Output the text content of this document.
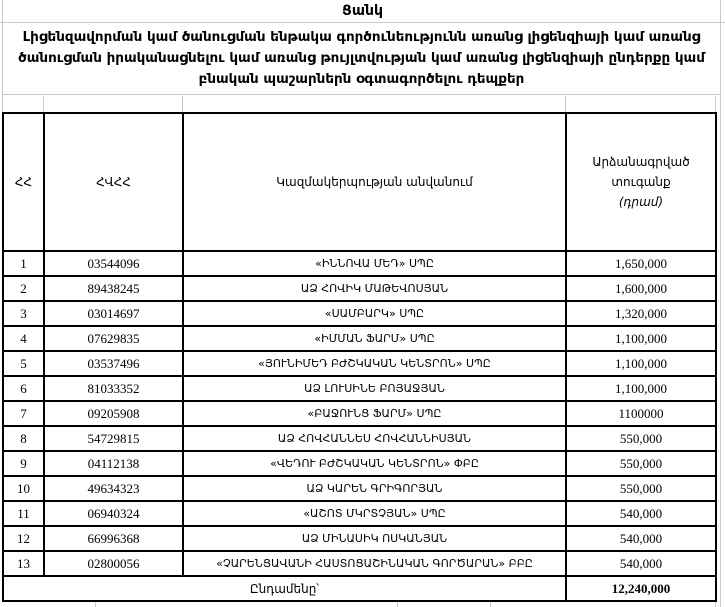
Ցանկ
Լիցենզավորման կամ ծանուցման ենթակա գործունեությունն առանց լիցենզիայի կամ առանց ծանուցման իրականացնելու կամ առանց թույլտվության կամ առանց լիցենզիայի ընդերքը կամ բնական պաշարներն օգտագործելու դեպքեր
ՀՀ	ՀՎՀՀ	Կազմակերպության անվանում	Արձանագրված տուգանք
(դրամ)

1	03544096	«ԻՆՆՈՎԱ ՄԵԴ» ՍՊԸ	1,650,000
2	89438245	ԱՁ ՀՈՎԻԿ ՄԱԹԵՎՈՍՅԱՆ	1,600,000
3	03014697	«ՍԱՄԲԱՐԿ» ՍՊԸ	1,320,000
4	07629835	«ԻՄՄԱՆ ՖԱՐՄ» ՍՊԸ	1,100,000
5	03537496	«ՅՈՒՆԻՄԵԴ ԲԺՇԿԱԿԱՆ ԿԵՆՏՐՈՆ» ՍՊԸ	1,100,000
6	81033352	ԱՁ ԼՈՒՍԻՆԵ ԲՈՅԱՋՅԱՆ	1,100,000
7	09205908	«ԲԱՋՈՒՆՑ ՖԱՐՄ» ՍՊԸ	1100000
8	54729815	ԱՁ ՀՈՎՀԱՆՆԵՍ ՀՈՎՀԱՆՆԻՍՅԱՆ	550,000
9	04112138	«ՎԵԴՈՒ ԲԺՇԿԱԿԱՆ ԿԵՆՏՐՈՆ» ՓԲԸ	550,000
10	49634323	ԱՁ ԿԱՐԵՆ ԳՐԻԳՈՐՅԱՆ	550,000
11	06940324	«ԱՇՈՏ ՄԿՐՏՉՅԱՆ» ՍՊԸ	540,000
12	66996368	ԱՁ ՄԻՆԱՍԻԿ ՈՍԿԱՆՅԱՆ	540,000
13	02800056	«ՉԱՐԵՆՑԱՎԱՆԻ ՀԱՍՏՈՑԱՇԻՆԱԿԱՆ ԳՈՐԾԱՐԱՆ» ԲԲԸ	540,000
Ընդամենը՝			12,240,000
